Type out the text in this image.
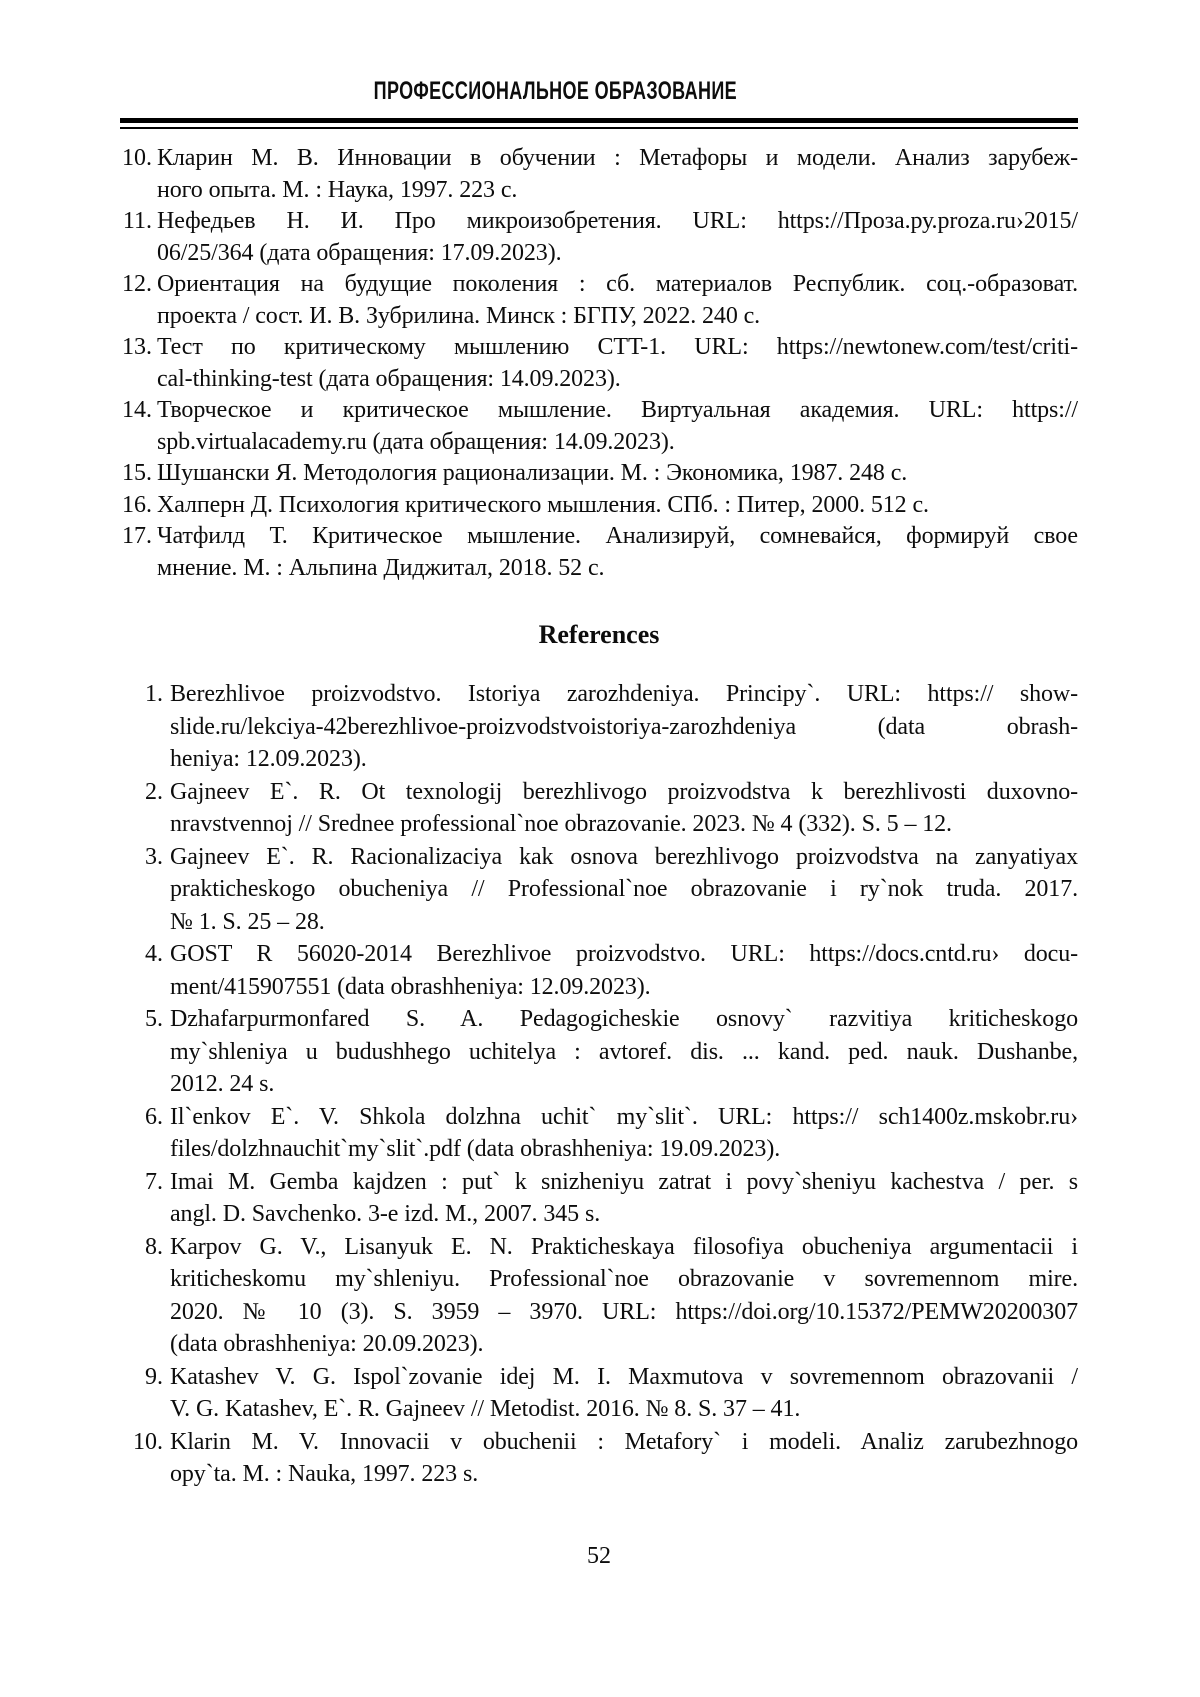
ПРОФЕССИОНАЛЬНОЕ ОБРАЗОВАНИЕ
10. Кларин М. В. Инновации в обучении : Метафоры и модели. Анализ зарубеж-
ного опыта. М. : Наука, 1997. 223 с.
11. Нефедьев Н. И. Про микроизобретения. URL: https://Проза.ру.proza.ru›2015/
06/25/364 (дата обращения: 17.09.2023).
12. Ориентация на будущие поколения : сб. материалов Республик. соц.-образоват.
проекта / сост. И. В. Зубрилина. Минск : БГПУ, 2022. 240 с.
13. Тест по критическому мышлению CTT-1. URL: https://newtonew.com/test/criti-
cal-thinking-test (дата обращения: 14.09.2023).
14. Творческое и критическое мышление. Виртуальная академия. URL: https://
spb.virtualacademy.ru (дата обращения: 14.09.2023).
15. Шушански Я. Методология рационализации. М. : Экономика, 1987. 248 с.
16. Халперн Д. Психология критического мышления. СПб. : Питер, 2000. 512 с.
17. Чатфилд Т. Критическое мышление. Анализируй, сомневайся, формируй свое
мнение. М. : Альпина Диджитал, 2018. 52 с.
References
1. Berezhlivoe proizvodstvo. Istoriya zarozhdeniya. Principy`. URL: https:// show-
slide.ru/lekciya-42berezhlivoe-proizvodstvoistoriya-zarozhdeniya (data obrash-
heniya: 12.09.2023).
2. Gajneev E`. R. Ot texnologij berezhlivogo proizvodstva k berezhlivosti duxovno-
nravstvennoj // Srednee professional`noe obrazovanie. 2023. № 4 (332). S. 5 – 12.
3. Gajneev E`. R. Racionalizaciya kak osnova berezhlivogo proizvodstva na zanyatiyax
prakticheskogo obucheniya // Professional`noe obrazovanie i ry`nok truda. 2017.
№ 1. S. 25 – 28.
4. GOST R 56020-2014 Berezhlivoe proizvodstvo. URL: https://docs.cntd.ru› docu-
ment/415907551 (data obrashheniya: 12.09.2023).
5. Dzhafarpurmonfared S. A. Pedagogicheskie osnovy` razvitiya kriticheskogo
my`shleniya u budushhego uchitelya : avtoref. dis. ... kand. ped. nauk. Dushanbe,
2012. 24 s.
6. Il`enkov E`. V. Shkola dolzhna uchit` my`slit`. URL: https:// sch1400z.mskobr.ru›
files/dolzhnauchit`my`slit`.pdf (data obrashheniya: 19.09.2023).
7. Imai M. Gemba kajdzen : put` k snizheniyu zatrat i povy`sheniyu kachestva / per. s
angl. D. Savchenko. 3-e izd. M., 2007. 345 s.
8. Karpov G. V., Lisanyuk E. N. Prakticheskaya filosofiya obucheniya argumentacii i
kriticheskomu my`shleniyu. Professional`noe obrazovanie v sovremennom mire.
2020. № 10 (3). S. 3959 – 3970. URL: https://doi.org/10.15372/PEMW20200307
(data obrashheniya: 20.09.2023).
9. Katashev V. G. Ispol`zovanie idej M. I. Maxmutova v sovremennom obrazovanii /
V. G. Katashev, E`. R. Gajneev // Metodist. 2016. № 8. S. 37 – 41.
10. Klarin M. V. Innovacii v obuchenii : Metafory` i modeli. Analiz zarubezhnogo
opy`ta. M. : Nauka, 1997. 223 s.
52
